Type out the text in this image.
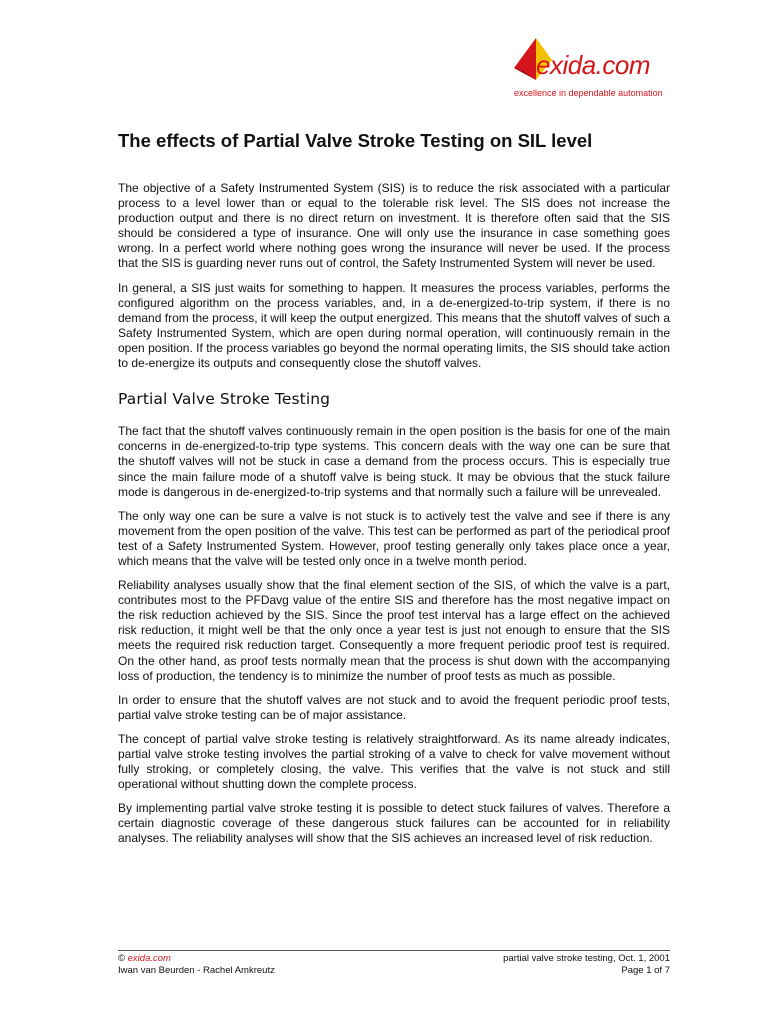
exida.com
excellence in dependable automation
The effects of Partial Valve Stroke Testing on SIL level

The objective of a Safety Instrumented System (SIS) is to reduce the risk associated with a particular process to a level lower than or equal to the tolerable risk level. The SIS does not increase the production output and there is no direct return on investment. It is therefore often said that the SIS should be considered a type of insurance. One will only use the insurance in case something goes wrong. In a perfect world where nothing goes wrong the insurance will never be used. If the process that the SIS is guarding never runs out of control, the Safety Instrumented System will never be used.

In general, a SIS just waits for something to happen. It measures the process variables, performs the configured algorithm on the process variables, and, in a de-energized-to-trip system, if there is no demand from the process, it will keep the output energized. This means that the shutoff valves of such a Safety Instrumented System, which are open during normal operation, will continuously remain in the open position. If the process variables go beyond the normal operating limits, the SIS should take action to de-energize its outputs and consequently close the shutoff valves.

Partial Valve Stroke Testing

The fact that the shutoff valves continuously remain in the open position is the basis for one of the main concerns in de-energized-to-trip type systems. This concern deals with the way one can be sure that the shutoff valves will not be stuck in case a demand from the process occurs. This is especially true since the main failure mode of a shutoff valve is being stuck. It may be obvious that the stuck failure mode is dangerous in de-energized-to-trip systems and that normally such a failure will be unrevealed.

The only way one can be sure a valve is not stuck is to actively test the valve and see if there is any movement from the open position of the valve. This test can be performed as part of the periodical proof test of a Safety Instrumented System. However, proof testing generally only takes place once a year, which means that the valve will be tested only once in a twelve month period.

Reliability analyses usually show that the final element section of the SIS, of which the valve is a part, contributes most to the PFDavg value of the entire SIS and therefore has the most negative impact on the risk reduction achieved by the SIS. Since the proof test interval has a large effect on the achieved risk reduction, it might well be that the only once a year test is just not enough to ensure that the SIS meets the required risk reduction target. Consequently a more frequent periodic proof test is required. On the other hand, as proof tests normally mean that the process is shut down with the accompanying loss of production, the tendency is to minimize the number of proof tests as much as possible.

In order to ensure that the shutoff valves are not stuck and to avoid the frequent periodic proof tests, partial valve stroke testing can be of major assistance.

The concept of partial valve stroke testing is relatively straightforward. As its name already indicates, partial valve stroke testing involves the partial stroking of a valve to check for valve movement without fully stroking, or completely closing, the valve. This verifies that the valve is not stuck and still operational without shutting down the complete process.

By implementing partial valve stroke testing it is possible to detect stuck failures of valves. Therefore a certain diagnostic coverage of these dangerous stuck failures can be accounted for in reliability analyses. The reliability analyses will show that the SIS achieves an increased level of risk reduction.

© exida.com	partial valve stroke testing, Oct. 1, 2001
Iwan van Beurden - Rachel Amkreutz	Page 1 of 7
